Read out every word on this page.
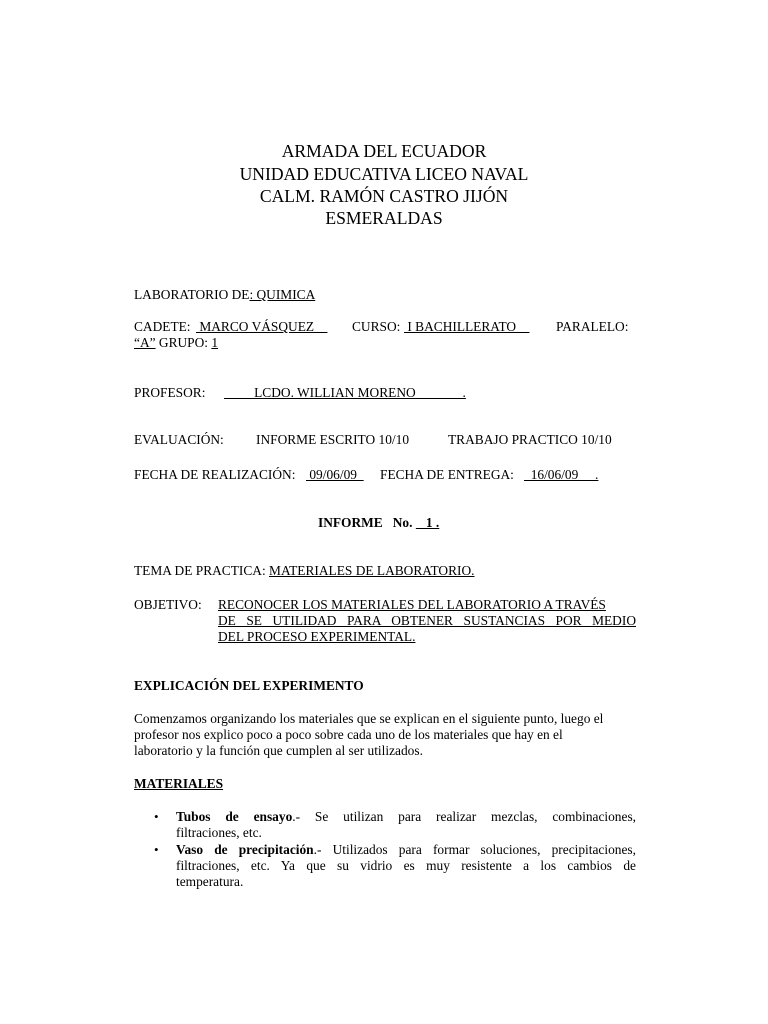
ARMADA DEL ECUADOR
UNIDAD EDUCATIVA LICEO NAVAL
CALM. RAMÓN CASTRO JIJÓN
ESMERALDAS
LABORATORIO DE: QUIMICA
CADETE: MARCO VÁSQUEZ CURSO: I BACHILLERATO PARALELO:
“A” GRUPO: 1
PROFESOR: LCDO. WILLIAN MORENO              .
EVALUACIÓN: INFORME ESCRITO 10/10	TRABAJO PRACTICO 10/10
FECHA DE REALIZACIÓN: 09/06/09 FECHA DE ENTREGA: 16/06/09     .
INFORME   No.    1 .
TEMA DE PRACTICA: MATERIALES DE LABORATORIO.
OBJETIVO: RECONOCER LOS MATERIALES DEL LABORATORIO A TRAVÉS
DE SE UTILIDAD PARA OBTENER SUSTANCIAS POR MEDIO
DEL PROCESO EXPERIMENTAL.
EXPLICACIÓN DEL EXPERIMENTO
Comenzamos organizando los materiales que se explican en el siguiente punto, luego el
profesor nos explico poco a poco sobre cada uno de los materiales que hay en el
laboratorio y la función que cumplen al ser utilizados.
MATERIALES
• Tubos de ensayo.- Se utilizan para realizar mezclas, combinaciones,
filtraciones, etc.
• Vaso de precipitación.- Utilizados para formar soluciones, precipitaciones,
filtraciones, etc. Ya que su vidrio es muy resistente a los cambios de
temperatura.
